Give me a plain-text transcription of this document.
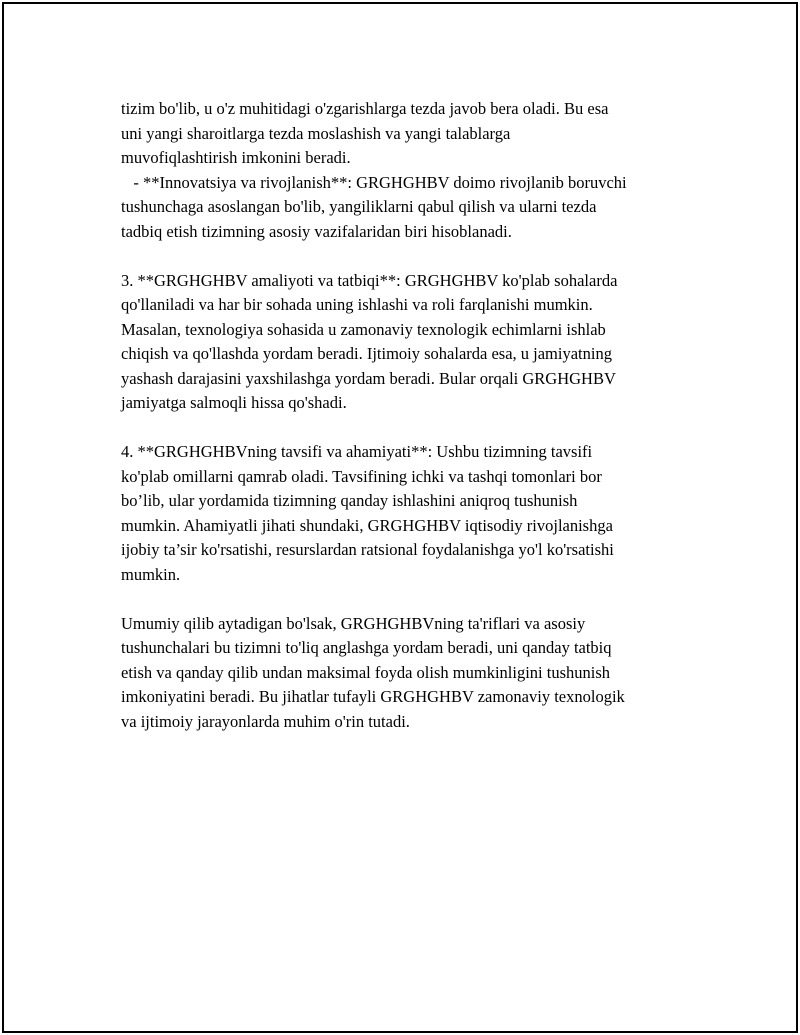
tizim bo'lib, u o'z muhitidagi o'zgarishlarga tezda javob bera oladi. Bu esa
uni yangi sharoitlarga tezda moslashish va yangi talablarga
muvofiqlashtirish imkonini beradi.
- **Innovatsiya va rivojlanish**: GRGHGHBV doimo rivojlanib boruvchi
tushunchaga asoslangan bo'lib, yangiliklarni qabul qilish va ularni tezda
tadbiq etish tizimning asosiy vazifalaridan biri hisoblanadi.
3. **GRGHGHBV amaliyoti va tatbiqi**: GRGHGHBV ko'plab sohalarda
qo'llaniladi va har bir sohada uning ishlashi va roli farqlanishi mumkin.
Masalan, texnologiya sohasida u zamonaviy texnologik echimlarni ishlab
chiqish va qo'llashda yordam beradi. Ijtimoiy sohalarda esa, u jamiyatning
yashash darajasini yaxshilashga yordam beradi. Bular orqali GRGHGHBV
jamiyatga salmoqli hissa qo'shadi.
4. **GRGHGHBVning tavsifi va ahamiyati**: Ushbu tizimning tavsifi
ko'plab omillarni qamrab oladi. Tavsifining ichki va tashqi tomonlari bor
bo’lib, ular yordamida tizimning qanday ishlashini aniqroq tushunish
mumkin. Ahamiyatli jihati shundaki, GRGHGHBV iqtisodiy rivojlanishga
ijobiy ta’sir ko'rsatishi, resurslardan ratsional foydalanishga yo'l ko'rsatishi
mumkin.
Umumiy qilib aytadigan bo'lsak, GRGHGHBVning ta'riflari va asosiy
tushunchalari bu tizimni to'liq anglashga yordam beradi, uni qanday tatbiq
etish va qanday qilib undan maksimal foyda olish mumkinligini tushunish
imkoniyatini beradi. Bu jihatlar tufayli GRGHGHBV zamonaviy texnologik
va ijtimoiy jarayonlarda muhim o'rin tutadi.
